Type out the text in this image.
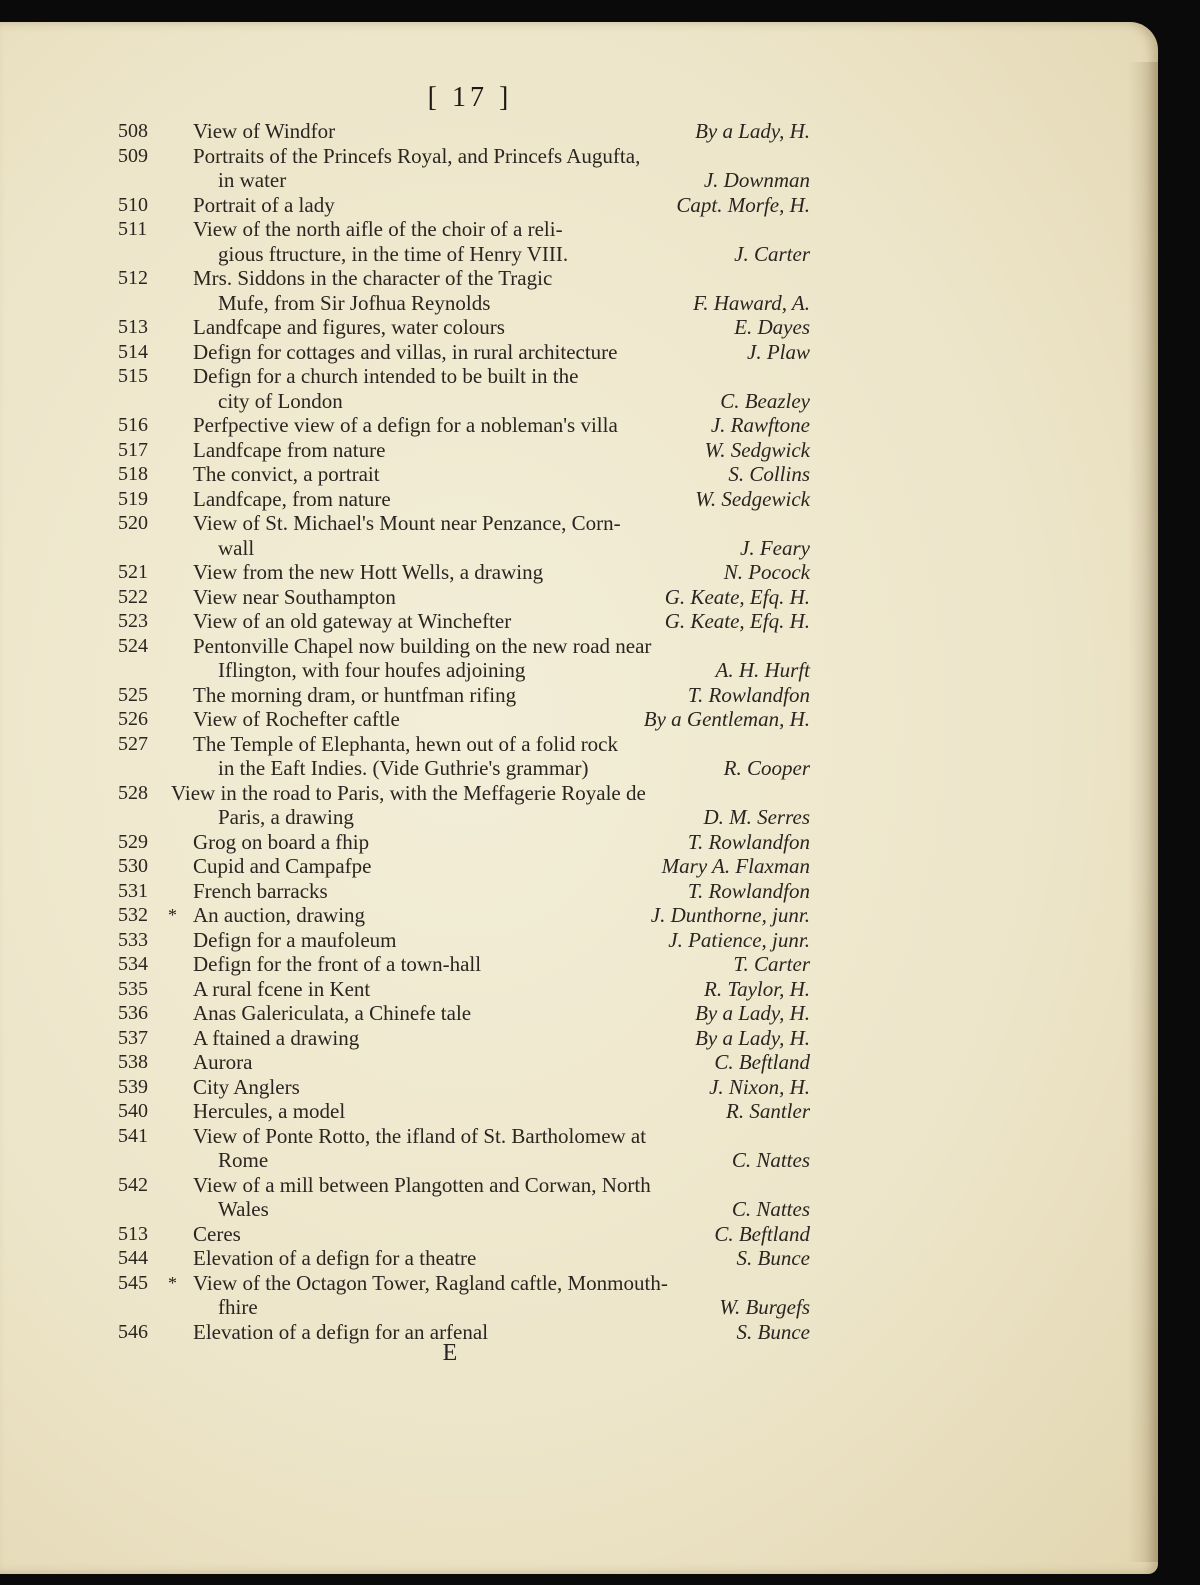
[ 17 ]
508	View of Windfor	By a Lady, H.
509	Portraits of the Princefs Royal, and Princefs Augufta,
in water	J. Downman
510	Portrait of a lady	Capt. Morfe, H.
511	View of the north aifle of the choir of a reli-
gious ftructure, in the time of Henry VIII.	J. Carter
512	Mrs. Siddons in the character of the Tragic
Mufe, from Sir Jofhua Reynolds	F. Haward, A.
513	Landfcape and figures, water colours	E. Dayes
514	Defign for cottages and villas, in rural architecture	J. Plaw
515	Defign for a church intended to be built in the
city of London	C. Beazley
516	Perfpective view of a defign for a nobleman's villa	J. Rawftone
517	Landfcape from nature	W. Sedgwick
518	The convict, a portrait	S. Collins
519	Landfcape, from nature	W. Sedgewick
520	View of St. Michael's Mount near Penzance, Corn-
wall	J. Feary
521	View from the new Hott Wells, a drawing	N. Pocock
522	View near Southampton	G. Keate, Efq. H.
523	View of an old gateway at Winchefter	G. Keate, Efq. H.
524	Pentonville Chapel now building on the new road near
Iflington, with four houfes adjoining	A. H. Hurft
525	The morning dram, or huntfman rifing	T. Rowlandfon
526	View of Rochefter caftle	By a Gentleman, H.
527	The Temple of Elephanta, hewn out of a folid rock
in the Eaft Indies. (Vide Guthrie's grammar)	R. Cooper
528	View in the road to Paris, with the Meffagerie Royale de
Paris, a drawing	D. M. Serres
529	Grog on board a fhip	T. Rowlandfon
530	Cupid and Campafpe	Mary A. Flaxman
531	French barracks	T. Rowlandfon
532	* An auction, drawing	J. Dunthorne, junr.
533	Defign for a maufoleum	J. Patience, junr.
534	Defign for the front of a town-hall	T. Carter
535	A rural fcene in Kent	R. Taylor, H.
536	Anas Galericulata, a Chinefe tale	By a Lady, H.
537	A ftained a drawing	By a Lady, H.
538	Aurora	C. Beftland
539	City Anglers	J. Nixon, H.
540	Hercules, a model	R. Santler
541	View of Ponte Rotto, the ifland of St. Bartholomew at
Rome	C. Nattes
542	View of a mill between Plangotten and Corwan, North
Wales	C. Nattes
513	Ceres	C. Beftland
544	Elevation of a defign for a theatre	S. Bunce
545	* View of the Octagon Tower, Ragland caftle, Monmouth-
fhire	W. Burgefs
546	Elevation of a defign for an arfenal	S. Bunce
E
